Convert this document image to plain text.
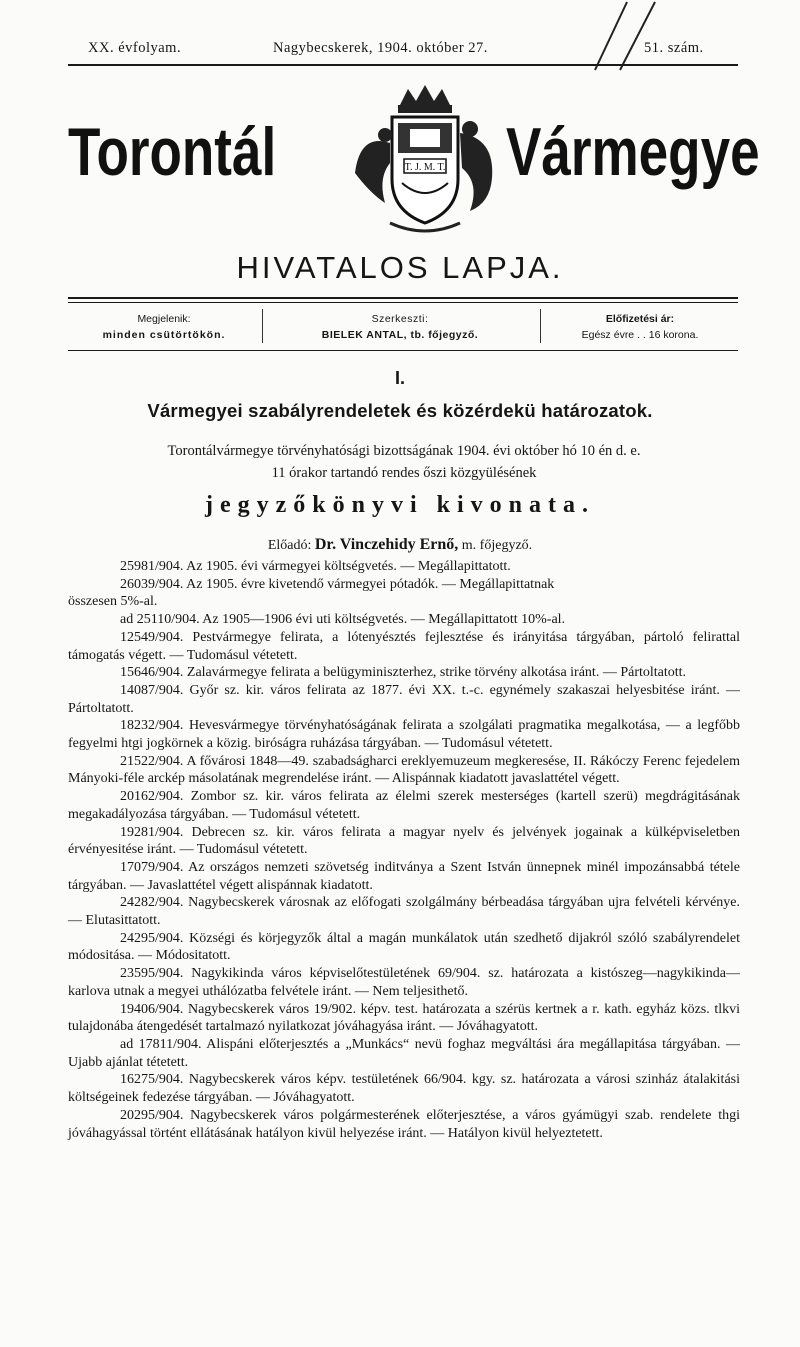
XX. évfolyam.	Nagybecskerek, 1904. október 27.	51. szám.
Torontál	T. J. M. T. Vármegye
HIVATALOS LAPJA.
Megjelenik:
minden csütörtökön.
Szerkeszti:
BIELEK ANTAL, tb. főjegyző.
Előfizetési ár:
Egész évre . . 16 korona.
I.
Vármegyei szabályrendeletek és közérdekü határozatok.
Torontálvármegye törvényhatósági bizottságának 1904. évi október hó 10 én d. e.
11 órakor tartandó rendes őszi közgyülésének
jegyzőkönyvi kivonata.
Előadó: Dr. Vinczehidy Ernő, m. főjegyző.

25981/904. Az 1905. évi vármegyei költségvetés. — Megállapittatott.

26039/904. Az 1905. évre kivetendő vármegyei pótadók. — Megállapittatnak

összesen 5%-al.

ad 25110/904. Az 1905—1906 évi uti költségvetés. — Megállapittatott 10%-al.

12549/904. Pestvármegye felirata, a lótenyésztés fejlesztése és irányitása tárgyában, pártoló felirattal támogatás végett. — Tudomásul vétetett.

15646/904. Zalavármegye felirata a belügyminiszterhez, strike törvény alkotása iránt. — Pártoltatott.

14087/904. Győr sz. kir. város felirata az 1877. évi XX. t.-c. egynémely szakaszai helyesbitése iránt. — Pártoltatott.

18232/904. Hevesvármegye törvényhatóságának felirata a szolgálati pragmatika megalkotása, — a legfőbb fegyelmi htgi jogkörnek a közig. biróságra ruházása tárgyában. — Tudomásul vétetett.

21522/904. A fővárosi 1848—49. szabadságharci ereklyemuzeum megkeresése, II. Rákóczy Ferenc fejedelem Mányoki-féle arckép másolatának megrendelése iránt. — Alispánnak kiadatott javaslattétel végett.

20162/904. Zombor sz. kir. város felirata az élelmi szerek mesterséges (kartell szerü) megdrágitásának megakadályozása tárgyában. — Tudomásul vétetett.

19281/904. Debrecen sz. kir. város felirata a magyar nyelv és jelvények jogainak a külképviseletben érvényesitése iránt. — Tudomásul vétetett.

17079/904. Az országos nemzeti szövetség inditványa a Szent István ünnepnek minél impozánsabbá tétele tárgyában. — Javaslattétel végett alispánnak kiadatott.

24282/904. Nagybecskerek városnak az előfogati szolgálmány bérbeadása tárgyában ujra felvételi kérvénye. — Elutasittatott.

24295/904. Községi és körjegyzők által a magán munkálatok után szedhető dijakról szóló szabályrendelet módositása. — Módositatott.

23595/904. Nagykikinda város képviselőtestületének 69/904. sz. határozata a kistószeg—nagykikinda—karlova utnak a megyei uthálózatba felvétele iránt. — Nem teljesithető.

19406/904. Nagybecskerek város 19/902. képv. test. határozata a szérüs kertnek a r. kath. egyház közs. tlkvi tulajdonába átengedését tartalmazó nyilatkozat jóváhagyása iránt. — Jóváhagyatott.

ad 17811/904. Alispáni előterjesztés a „Munkács“ nevü foghaz megváltási ára megállapitása tárgyában. — Ujabb ajánlat tétetett.

16275/904. Nagybecskerek város képv. testületének 66/904. kgy. sz. határozata a városi szinház átalakitási költségeinek fedezése tárgyában. — Jóváhagyatott.

20295/904. Nagybecskerek város polgármesterének előterjesztése, a város gyámügyi szab. rendelete thgi jóváhagyással történt ellátásának hatályon kivül helyezése iránt. — Hatályon kivül helyeztetett.
